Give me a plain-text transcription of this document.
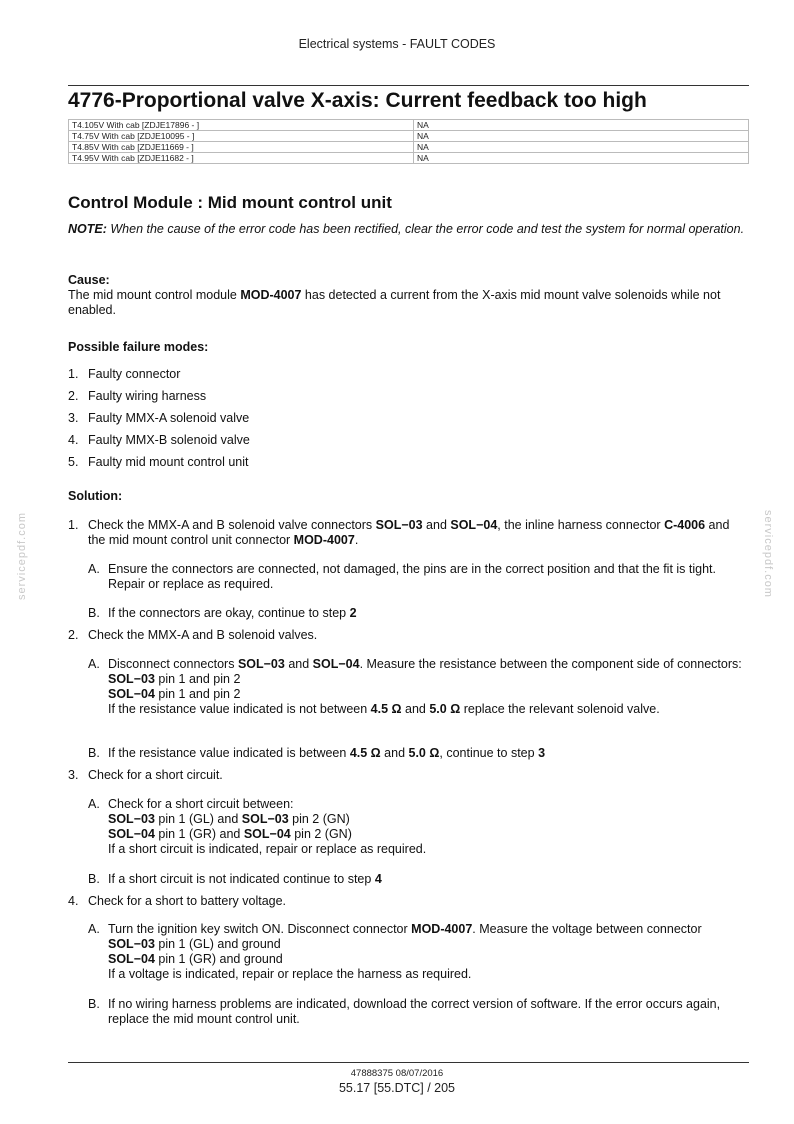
Electrical systems - FAULT CODES
4776-Proportional valve X-axis: Current feedback too high
T4.105V With cab [ZDJE17896 - ]	NA
T4.75V With cab [ZDJE10095 - ]	NA
T4.85V With cab [ZDJE11669 - ]	NA
T4.95V With cab [ZDJE11682 - ]	NA
Control Module : Mid mount control unit

NOTE: When the cause of the error code has been rectified, clear the error code and test the system for normal operation.

Cause:

The mid mount control module MOD-4007 has detected a current from the X-axis mid mount valve solenoids while not enabled.

Possible failure modes:

1. Faulty connector
2. Faulty wiring harness
3. Faulty MMX-A solenoid valve
4. Faulty MMX-B solenoid valve
5. Faulty mid mount control unit

Solution:

1. Check the MMX-A and B solenoid valve connectors SOL−03 and SOL−04, the inline harness connector C-4006 and the mid mount control unit connector MOD-4007.
A. Ensure the connectors are connected, not damaged, the pins are in the correct position and that the fit is tight. Repair or replace as required.
B. If the connectors are okay, continue to step 2
2. Check the MMX-A and B solenoid valves.
A. Disconnect connectors SOL−03 and SOL−04. Measure the resistance between the component side of connectors:
SOL−03 pin 1 and pin 2
SOL−04 pin 1 and pin 2
If the resistance value indicated is not between 4.5 Ω and 5.0 Ω replace the relevant solenoid valve.
B. If the resistance value indicated is between 4.5 Ω and 5.0 Ω, continue to step 3
3. Check for a short circuit.
A. Check for a short circuit between:
SOL−03 pin 1 (GL) and SOL−03 pin 2 (GN)
SOL−04 pin 1 (GR) and SOL−04 pin 2 (GN)
If a short circuit is indicated, repair or replace as required.
B. If a short circuit is not indicated continue to step 4
4. Check for a short to battery voltage.
A. Turn the ignition key switch ON. Disconnect connector MOD-4007. Measure the voltage between connector
SOL−03 pin 1 (GL) and ground
SOL−04 pin 1 (GR) and ground
If a voltage is indicated, repair or replace the harness as required.
B. If no wiring harness problems are indicated, download the correct version of software. If the error occurs again, replace the mid mount control unit.
servicepdf.com	servicepdf.com
47888375 08/07/2016
55.17 [55.DTC] / 205
